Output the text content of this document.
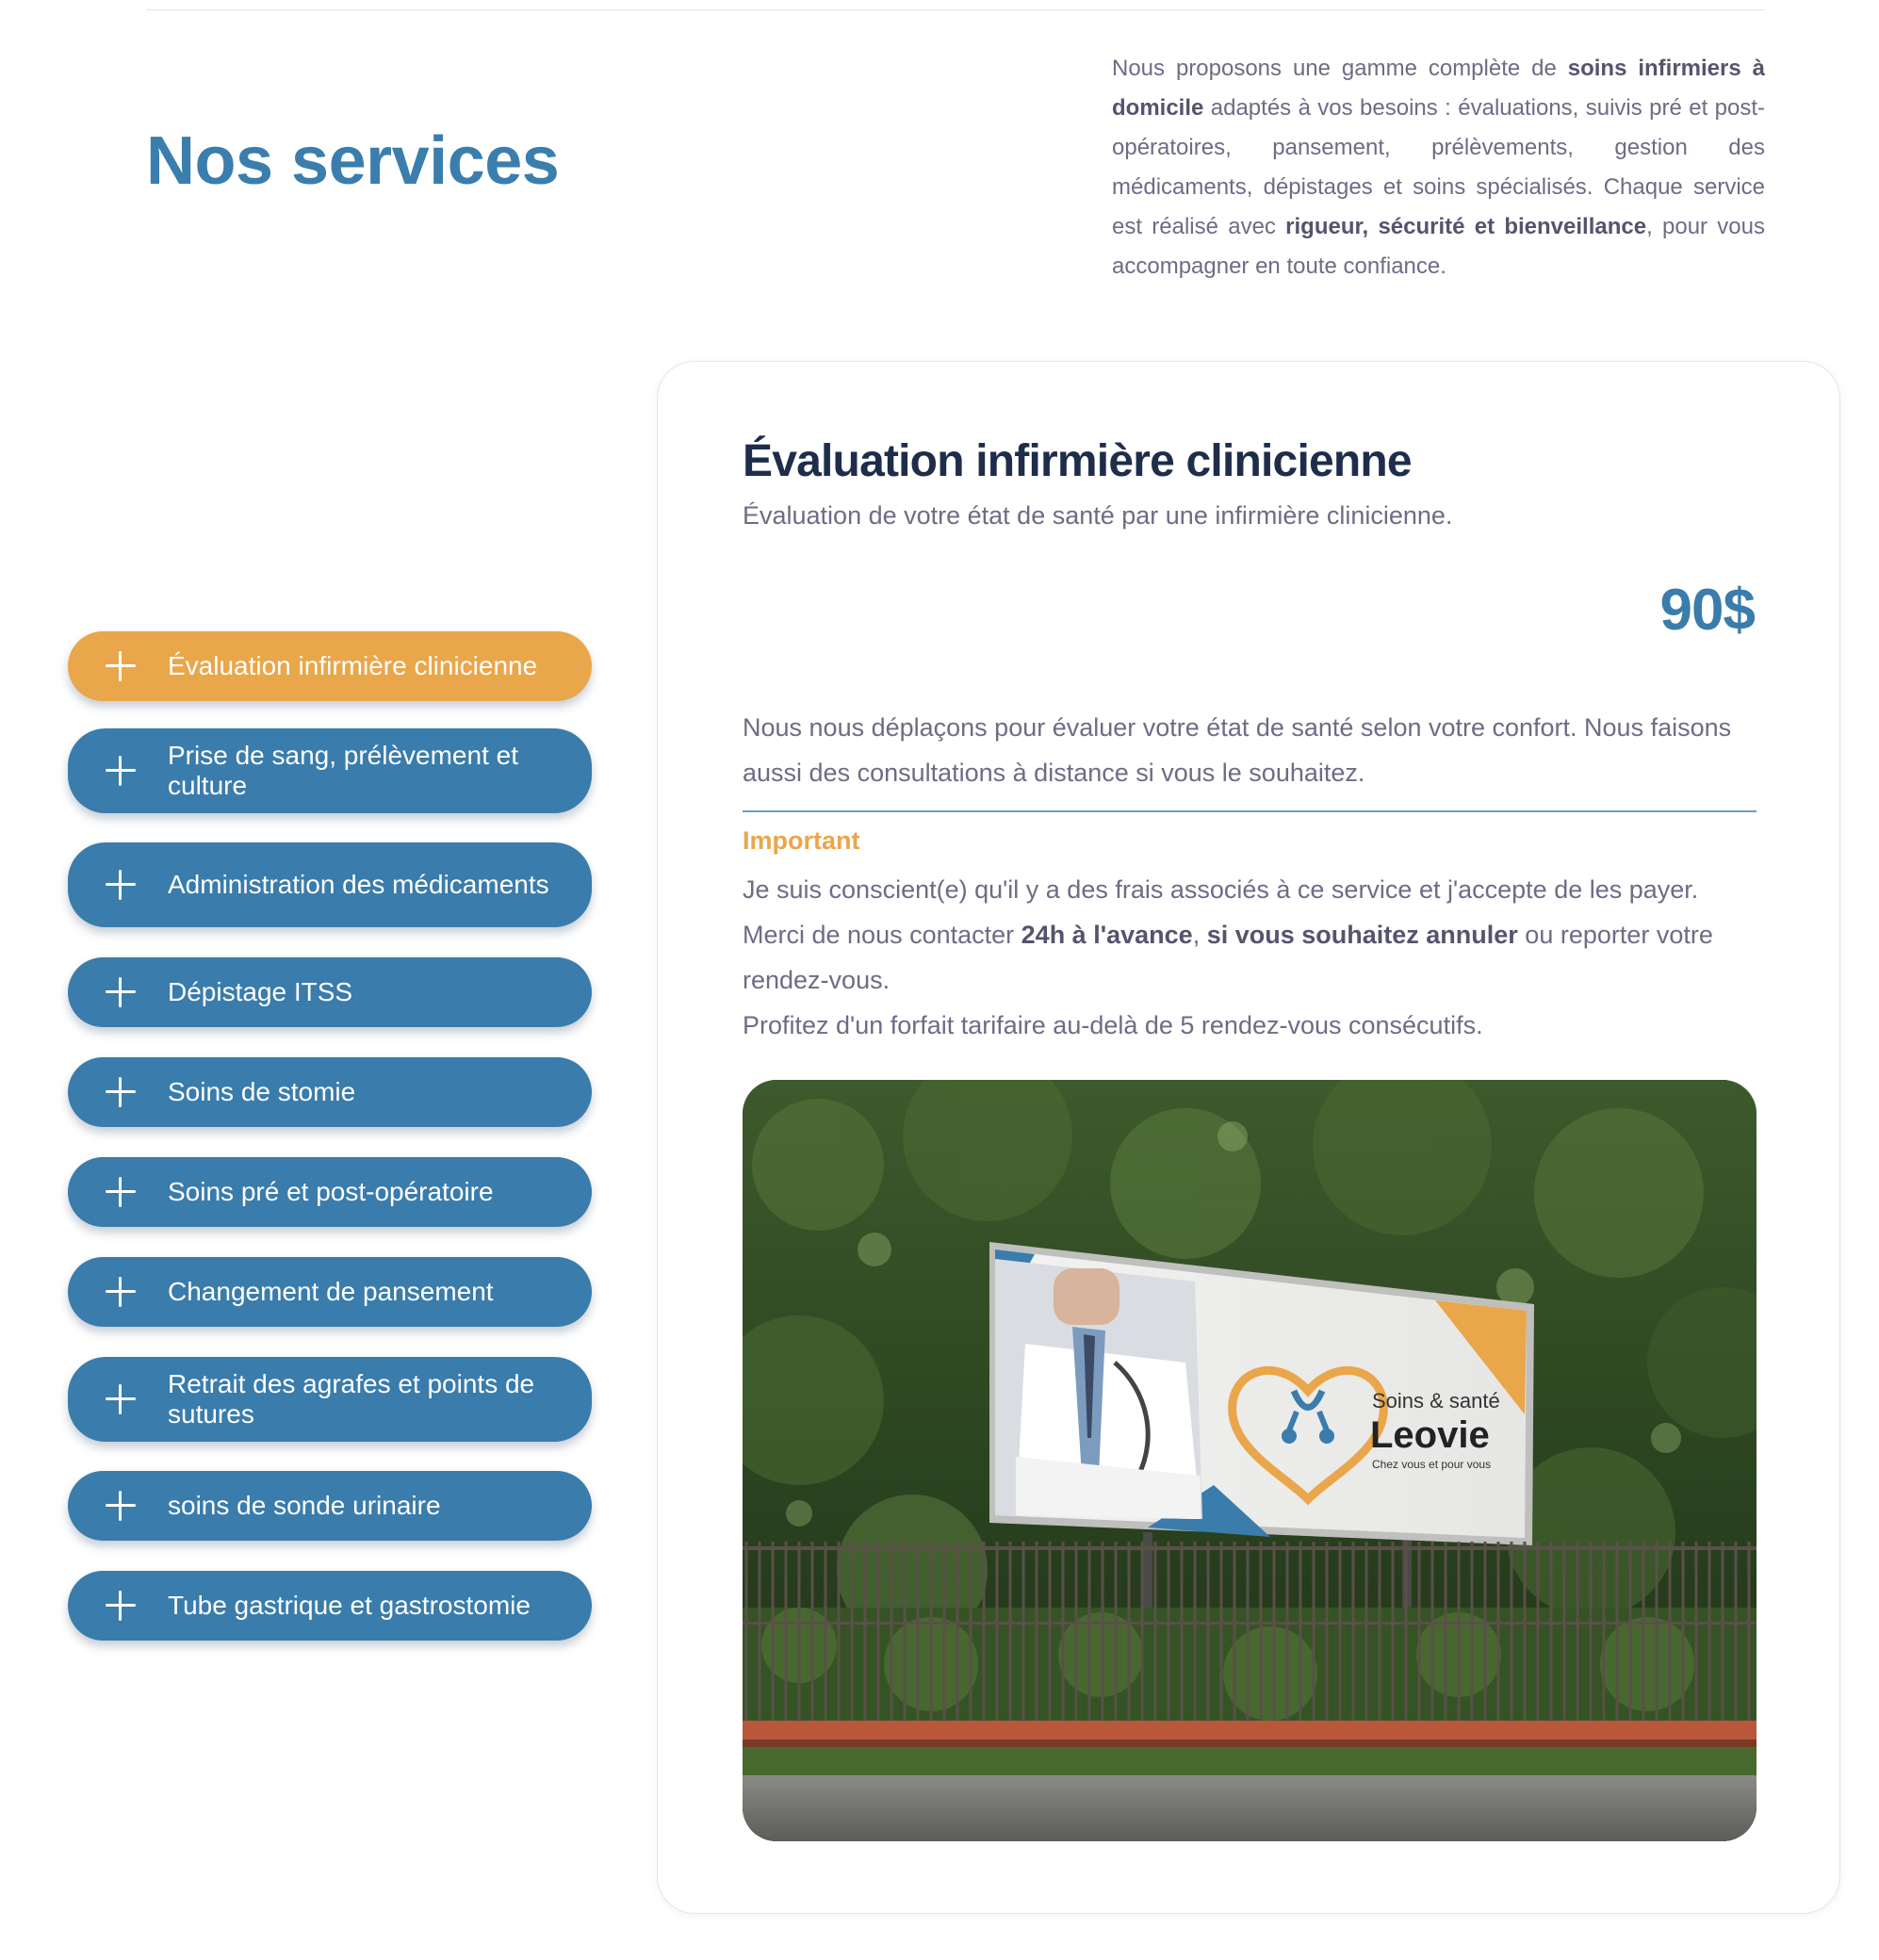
Nos services

Nous proposons une gamme complète de soins infirmiers à domicile adaptés à vos besoins : évaluations, suivis pré et post-opératoires, pansement, prélèvements, gestion des médicaments, dépistages et soins spécialisés. Chaque service est réalisé avec rigueur, sécurité et bienveillance, pour vous accompagner en toute confiance.

Évaluation infirmière clinicienne
Prise de sang, prélèvement et culture
Administration des médicaments
Dépistage ITSS
Soins de stomie
Soins pré et post-opératoire
Changement de pansement
Retrait des agrafes et points de sutures
soins de sonde urinaire
Tube gastrique et gastrostomie
Évaluation infirmière clinicienne

Évaluation de votre état de santé par une infirmière clinicienne.

90$

Nous nous déplaçons pour évaluer votre état de santé selon votre confort. Nous faisons aussi des consultations à distance si vous le souhaitez.

Important

Je suis conscient(e) qu'il y a des frais associés à ce service et j'accepte de les payer.

Merci de nous contacter 24h à l'avance, si vous souhaitez annuler ou reporter votre rendez-vous.

Profitez d'un forfait tarifaire au-delà de 5 rendez-vous consécutifs.

Soins & santé
Leovie
Chez vous et pour vous
